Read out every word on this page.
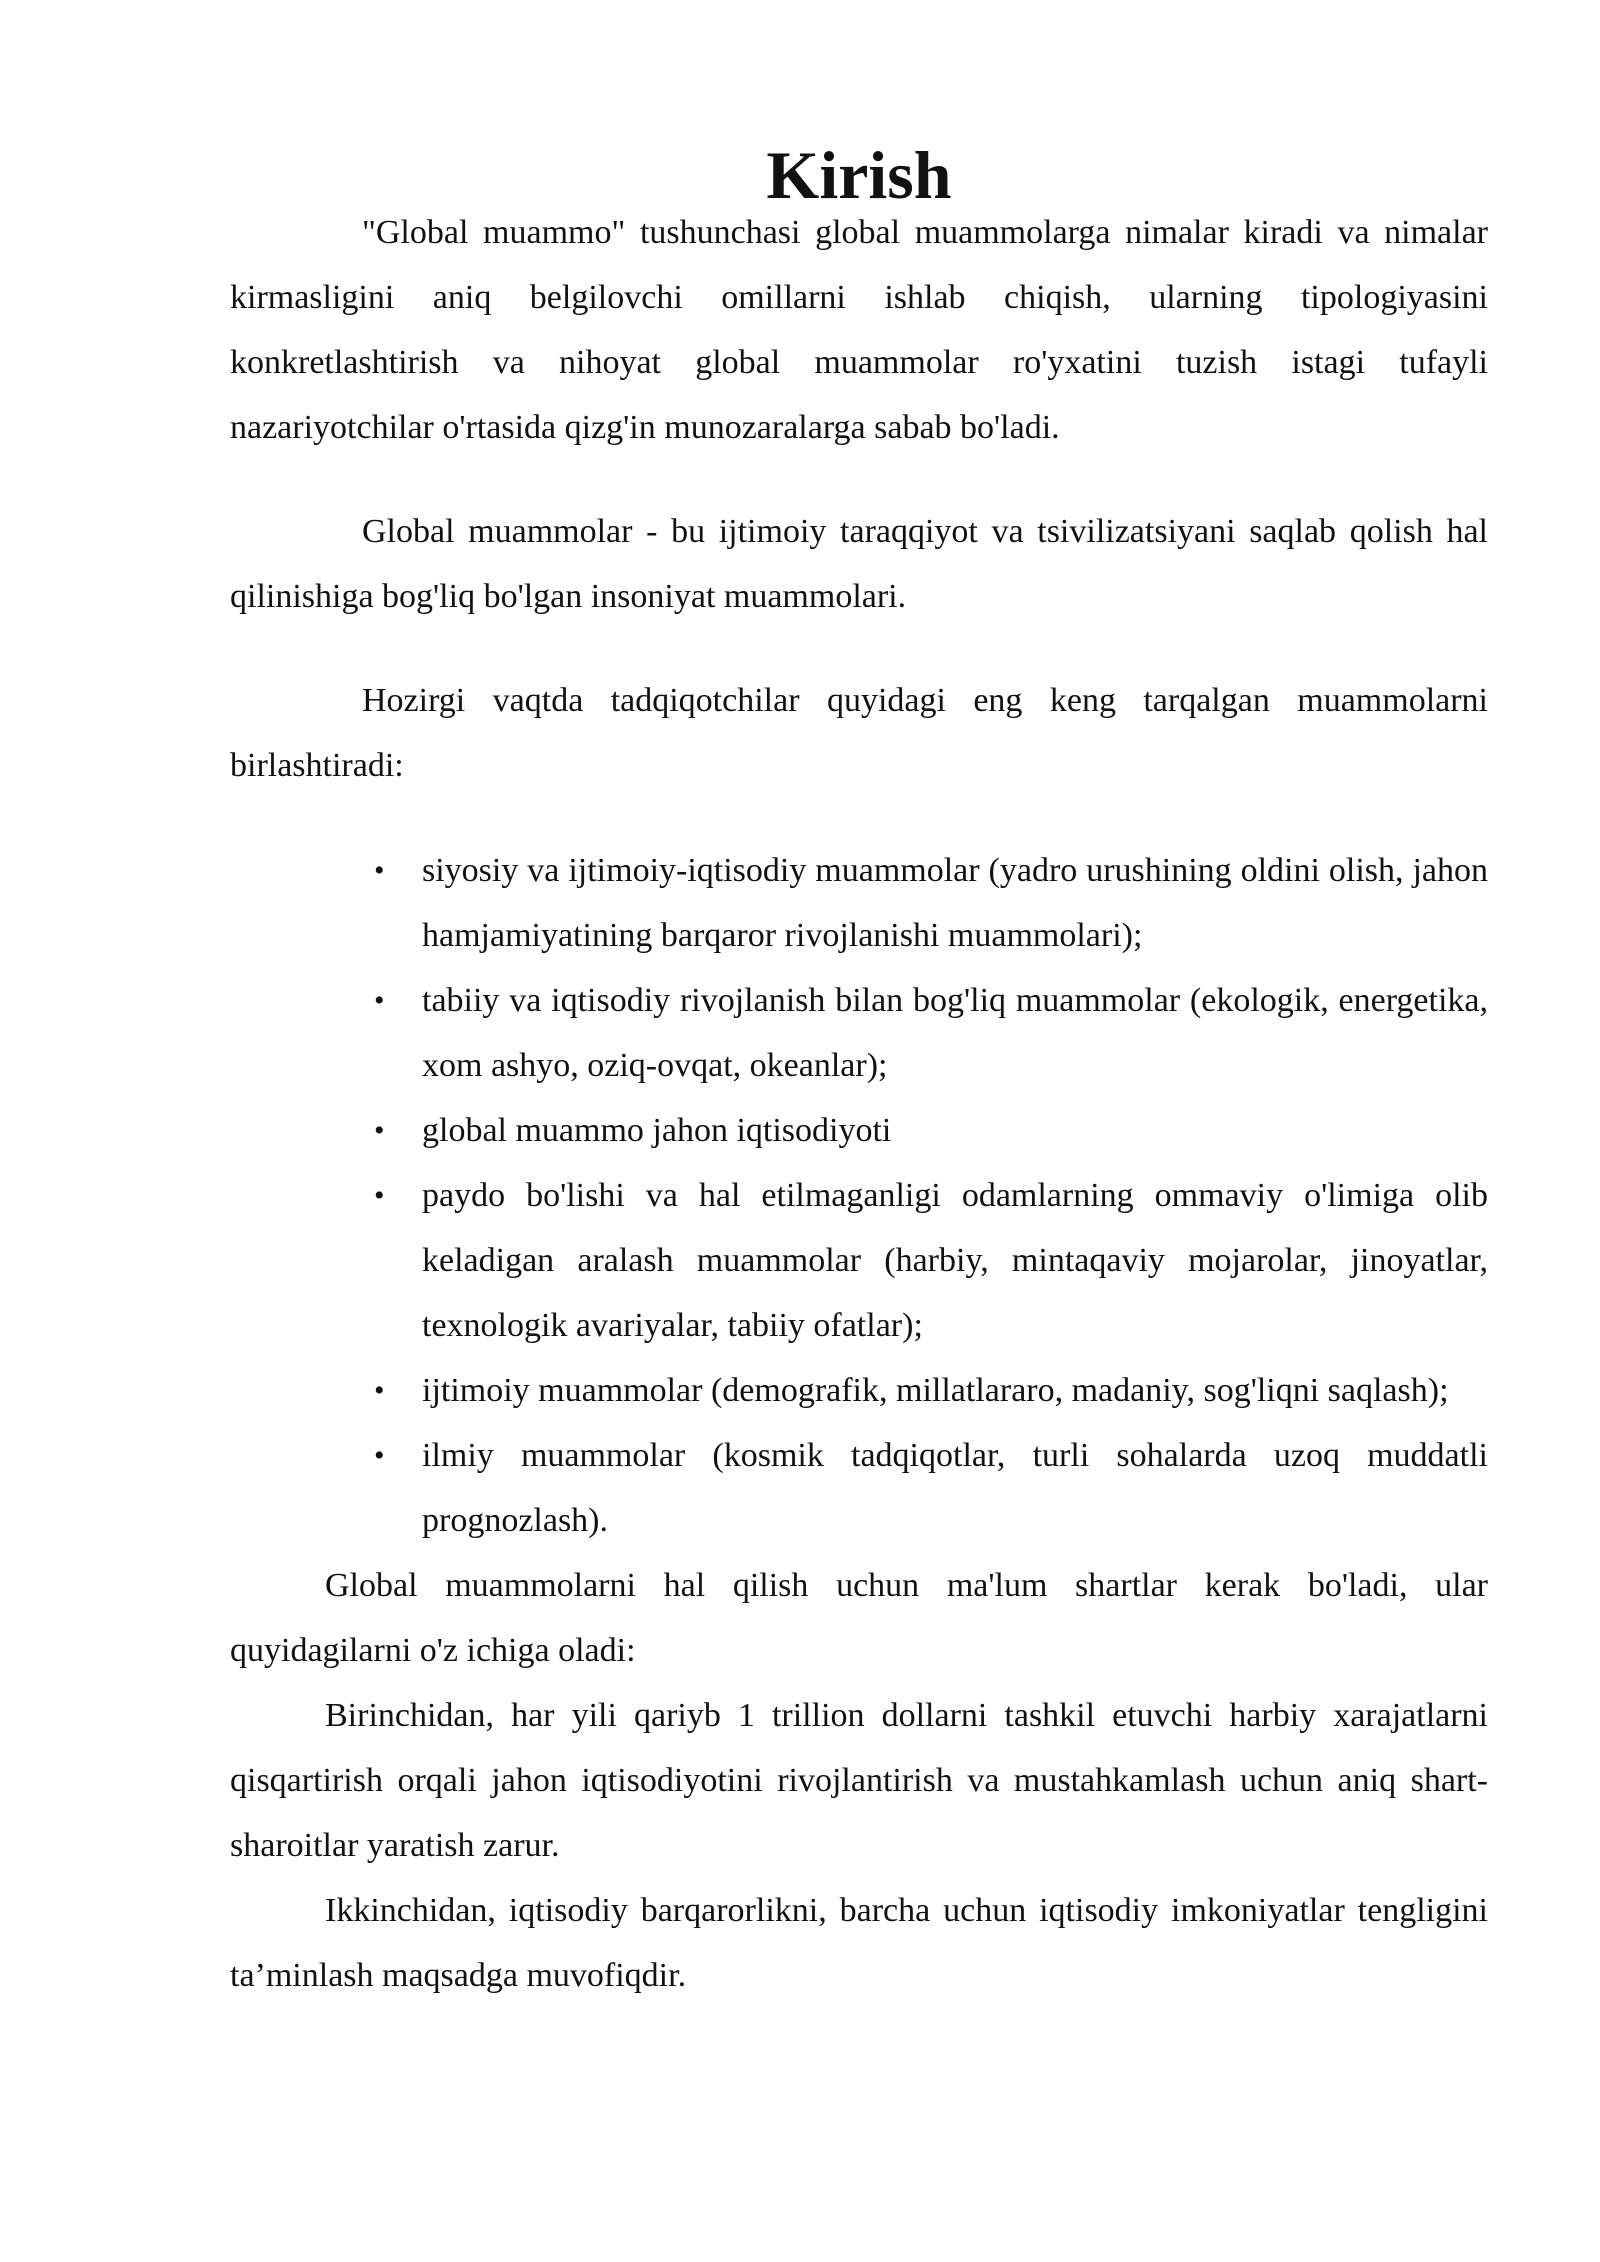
Kirish

"Global muammo" tushunchasi global muammolarga nimalar kiradi va nimalar kirmasligini aniq belgilovchi omillarni ishlab chiqish, ularning tipologiyasini konkretlashtirish va nihoyat global muammolar ro'yxatini tuzish istagi tufayli nazariyotchilar o'rtasida qizg'in munozaralarga sabab bo'ladi.

Global muammolar - bu ijtimoiy taraqqiyot va tsivilizatsiyani saqlab qolish hal qilinishiga bog'liq bo'lgan insoniyat muammolari.

Hozirgi vaqtda tadqiqotchilar quyidagi eng keng tarqalgan muammolarni birlashtiradi:

• siyosiy va ijtimoiy-iqtisodiy muammolar (yadro urushining oldini olish, jahon hamjamiyatining barqaror rivojlanishi muammolari);
• tabiiy va iqtisodiy rivojlanish bilan bog'liq muammolar (ekologik, energetika, xom ashyo, oziq-ovqat, okeanlar);
• global muammo jahon iqtisodiyoti
• paydo bo'lishi va hal etilmaganligi odamlarning ommaviy o'limiga olib keladigan aralash muammolar (harbiy, mintaqaviy mojarolar, jinoyatlar, texnologik avariyalar, tabiiy ofatlar);
• ijtimoiy muammolar (demografik, millatlararo, madaniy, sog'liqni saqlash);
• ilmiy muammolar (kosmik tadqiqotlar, turli sohalarda uzoq muddatli prognozlash).

Global muammolarni hal qilish uchun ma'lum shartlar kerak bo'ladi, ular quyidagilarni o'z ichiga oladi:

Birinchidan, har yili qariyb 1 trillion dollarni tashkil etuvchi harbiy xarajatlarni qisqartirish orqali jahon iqtisodiyotini rivojlantirish va mustahkamlash uchun aniq shart-sharoitlar yaratish zarur.

Ikkinchidan, iqtisodiy barqarorlikni, barcha uchun iqtisodiy imkoniyatlar tengligini ta’minlash maqsadga muvofiqdir.
